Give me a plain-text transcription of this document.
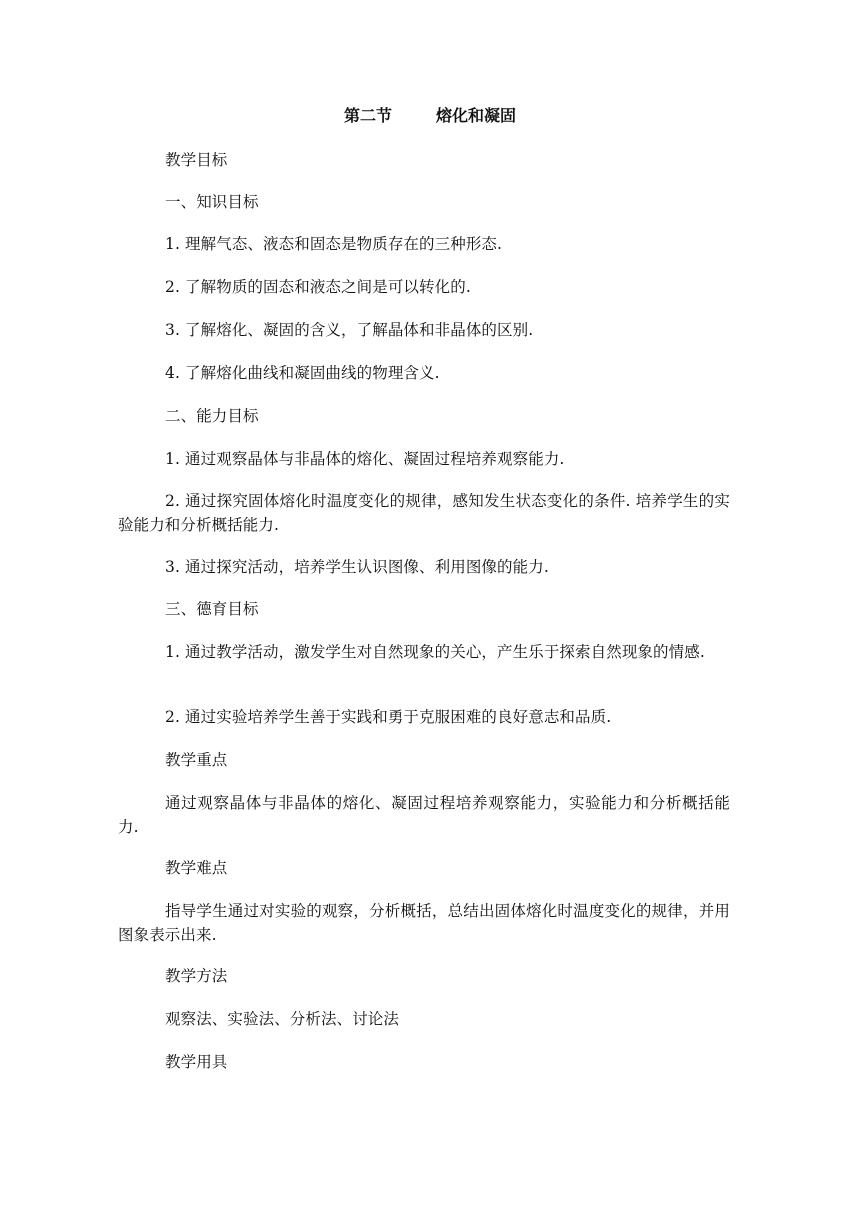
第二节	熔化和凝固

教学目标

一、知识目标

1. 理解气态、液态和固态是物质存在的三种形态.

2. 了解物质的固态和液态之间是可以转化的.

3. 了解熔化、凝固的含义，了解晶体和非晶体的区别.

4. 了解熔化曲线和凝固曲线的物理含义.

二、能力目标

1. 通过观察晶体与非晶体的熔化、凝固过程培养观察能力.

2. 通过探究固体熔化时温度变化的规律，感知发生状态变化的条件. 培养学生的实验能力和分析概括能力.

3. 通过探究活动，培养学生认识图像、利用图像的能力.

三、德育目标

1. 通过教学活动，激发学生对自然现象的关心，产生乐于探索自然现象的情感.

2. 通过实验培养学生善于实践和勇于克服困难的良好意志和品质.

教学重点

通过观察晶体与非晶体的熔化、凝固过程培养观察能力，实验能力和分析概括能力.

教学难点

指导学生通过对实验的观察，分析概括，总结出固体熔化时温度变化的规律，并用图象表示出来.

教学方法

观察法、实验法、分析法、讨论法

教学用具
